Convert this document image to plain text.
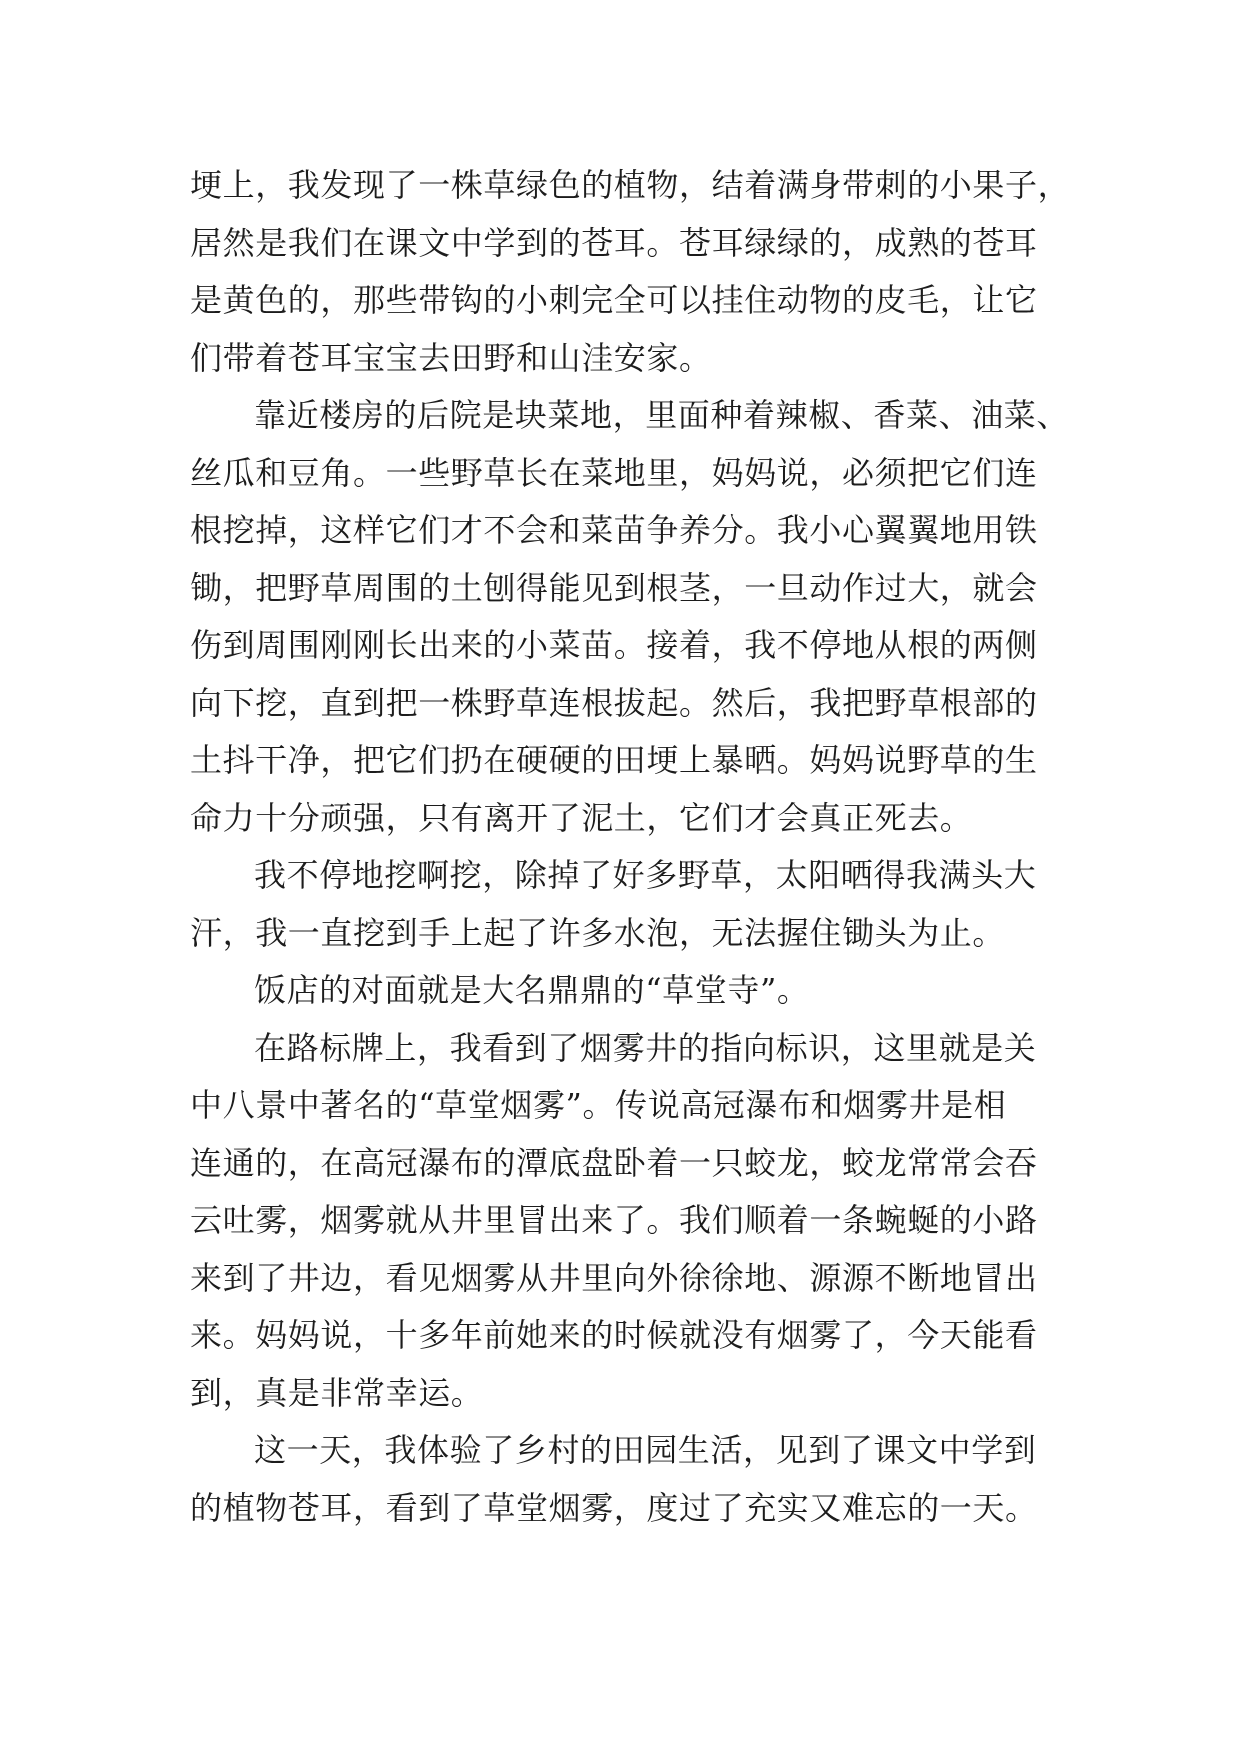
埂上，我发现了一株草绿色的植物，结着满身带刺的小果子，
居然是我们在课文中学到的苍耳。苍耳绿绿的，成熟的苍耳
是黄色的，那些带钩的小刺完全可以挂住动物的皮毛，让它
们带着苍耳宝宝去田野和山洼安家。
靠近楼房的后院是块菜地，里面种着辣椒、香菜、油菜、
丝瓜和豆角。一些野草长在菜地里，妈妈说，必须把它们连
根挖掉，这样它们才不会和菜苗争养分。我小心翼翼地用铁
锄，把野草周围的土刨得能见到根茎，一旦动作过大，就会
伤到周围刚刚长出来的小菜苗。接着，我不停地从根的两侧
向下挖，直到把一株野草连根拔起。然后，我把野草根部的
土抖干净，把它们扔在硬硬的田埂上暴晒。妈妈说野草的生
命力十分顽强，只有离开了泥土，它们才会真正死去。
我不停地挖啊挖，除掉了好多野草，太阳晒得我满头大
汗，我一直挖到手上起了许多水泡，无法握住锄头为止。
饭店的对面就是大名鼎鼎的“草堂寺”。
在路标牌上，我看到了烟雾井的指向标识，这里就是关
中八景中著名的“草堂烟雾”。传说高冠瀑布和烟雾井是相
连通的，在高冠瀑布的潭底盘卧着一只蛟龙，蛟龙常常会吞
云吐雾，烟雾就从井里冒出来了。我们顺着一条蜿蜒的小路
来到了井边，看见烟雾从井里向外徐徐地、源源不断地冒出
来。妈妈说，十多年前她来的时候就没有烟雾了，今天能看
到，真是非常幸运。
这一天，我体验了乡村的田园生活，见到了课文中学到
的植物苍耳，看到了草堂烟雾，度过了充实又难忘的一天。
